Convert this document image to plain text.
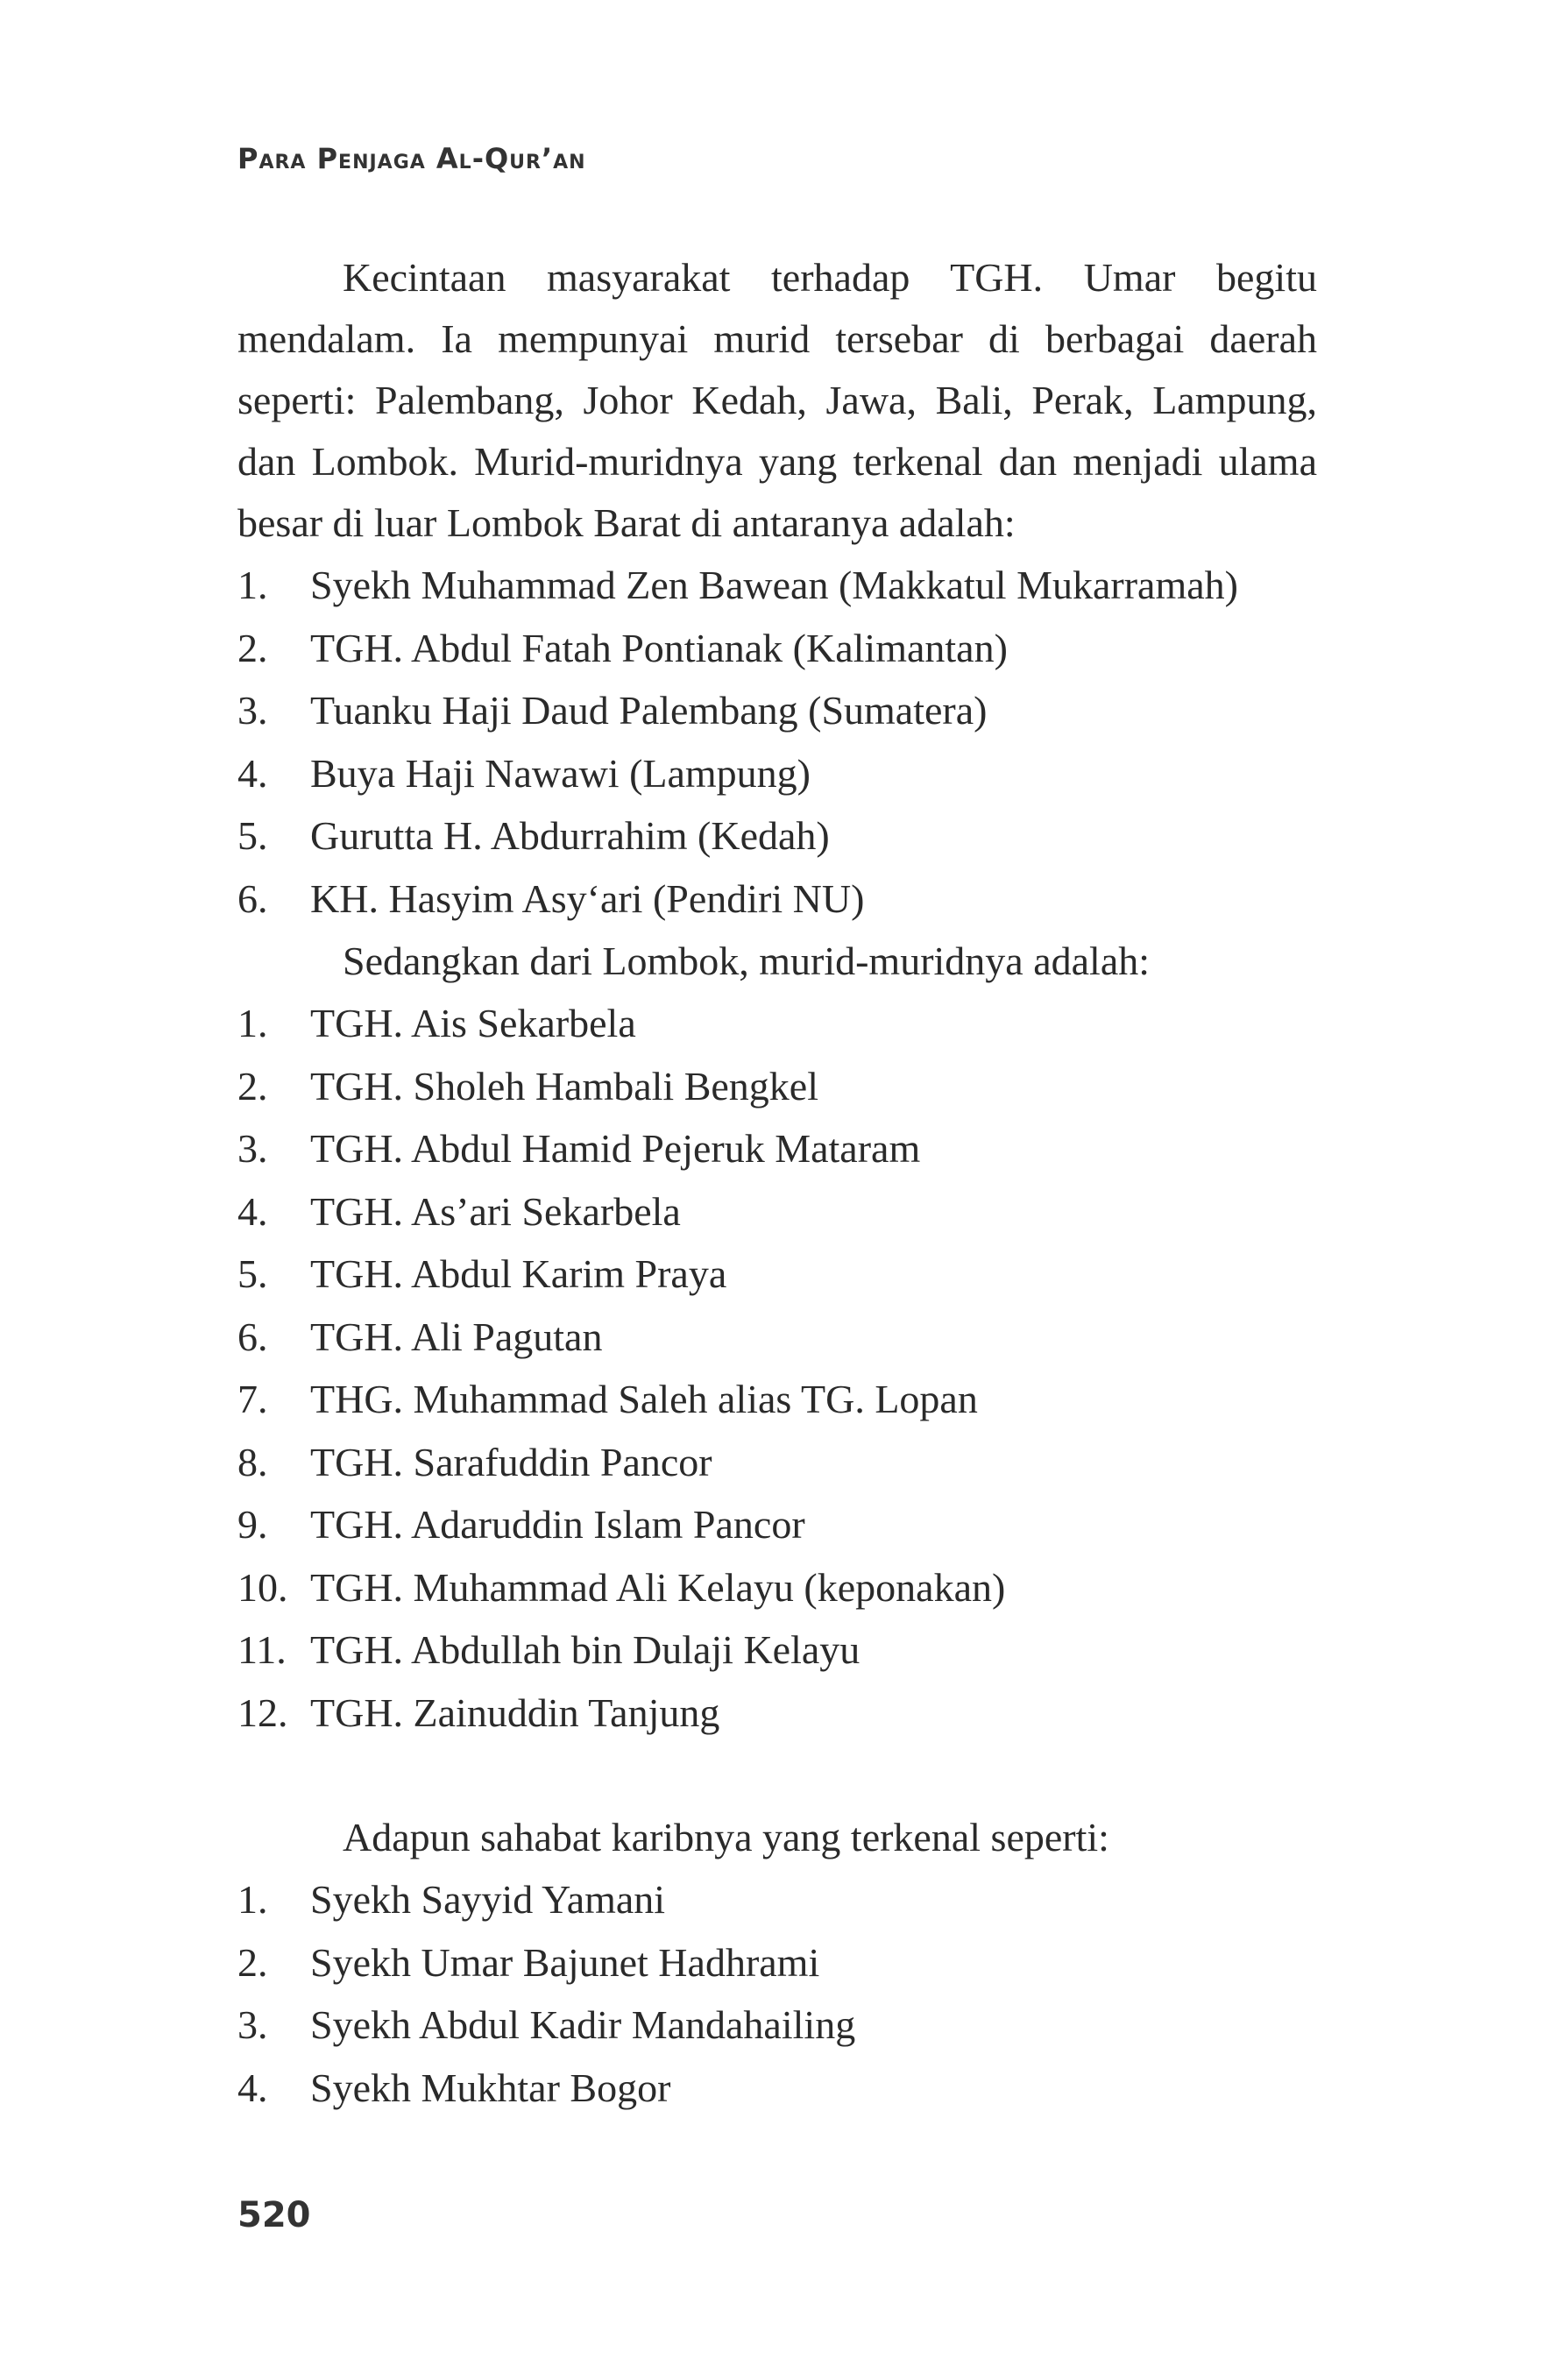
Para Penjaga Al-Qur’an

Kecintaan masyarakat terhadap TGH. Umar begitu mendalam. Ia mempunyai murid tersebar di berbagai daerah seperti: Palembang, Johor Kedah, Jawa, Bali, Perak, Lampung, dan Lombok. Murid-muridnya yang terkenal dan menjadi ulama besar di luar Lombok Barat di antaranya adalah:

1. Syekh Muhammad Zen Bawean (Makkatul Mukarramah)
2. TGH. Abdul Fatah Pontianak (Kalimantan)
3. Tuanku Haji Daud Palembang (Sumatera)
4. Buya Haji Nawawi (Lampung)
5. Gurutta H. Abdurrahim (Kedah)
6. KH. Hasyim Asy‘ari (Pendiri NU)

Sedangkan dari Lombok, murid-muridnya adalah:

1. TGH. Ais Sekarbela
2. TGH. Sholeh Hambali Bengkel
3. TGH. Abdul Hamid Pejeruk Mataram
4. TGH. As’ari Sekarbela
5. TGH. Abdul Karim Praya
6. TGH. Ali Pagutan
7. THG. Muhammad Saleh alias TG. Lopan
8. TGH. Sarafuddin Pancor
9. TGH. Adaruddin Islam Pancor
10. TGH. Muhammad Ali Kelayu (keponakan)
11. TGH. Abdullah bin Dulaji Kelayu
12. TGH. Zainuddin Tanjung

Adapun sahabat karibnya yang terkenal seperti:

1. Syekh Sayyid Yamani
2. Syekh Umar Bajunet Hadhrami
3. Syekh Abdul Kadir Mandahailing
4. Syekh Mukhtar Bogor
520
